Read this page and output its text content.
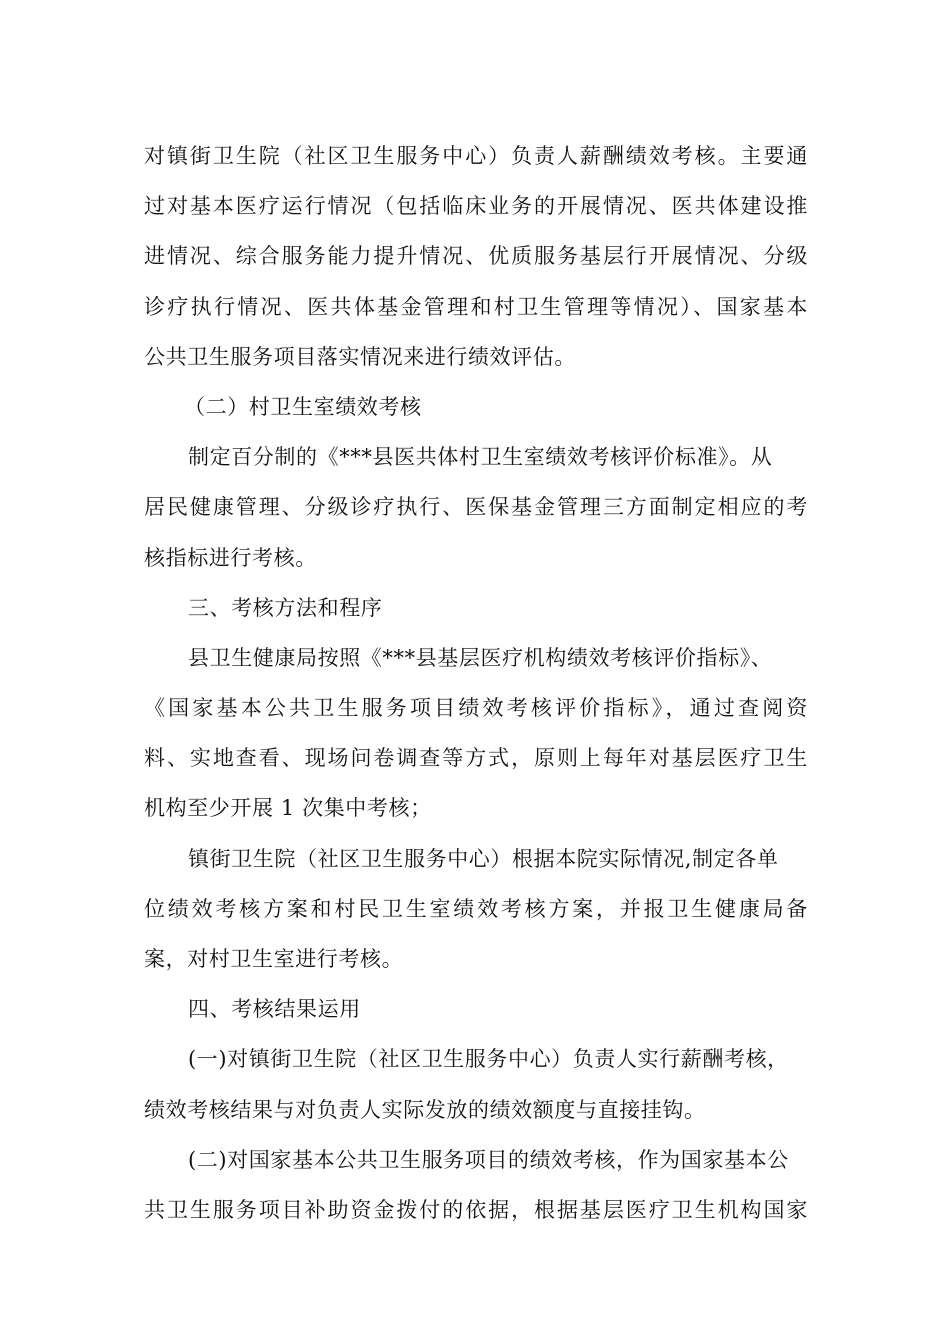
对镇街卫生院（社区卫生服务中心）负责人薪酬绩效考核。主要通
过对基本医疗运行情况（包括临床业务的开展情况、医共体建设推
进情况、综合服务能力提升情况、优质服务基层行开展情况、分级
诊疗执行情况、医共体基金管理和村卫生管理等情况）、国家基本
公共卫生服务项目落实情况来进行绩效评估。
（二）村卫生室绩效考核
制定百分制的《***县医共体村卫生室绩效考核评价标准》。从
居民健康管理、分级诊疗执行、医保基金管理三方面制定相应的考
核指标进行考核。
三、考核方法和程序
县卫生健康局按照《***县基层医疗机构绩效考核评价指标》、
《国家基本公共卫生服务项目绩效考核评价指标》，通过查阅资
料、实地查看、现场问卷调查等方式，原则上每年对基层医疗卫生
机构至少开展 1 次集中考核；
镇街卫生院（社区卫生服务中心）根据本院实际情况,制定各单
位绩效考核方案和村民卫生室绩效考核方案，并报卫生健康局备
案，对村卫生室进行考核。
四、考核结果运用
(一)对镇街卫生院（社区卫生服务中心）负责人实行薪酬考核，
绩效考核结果与对负责人实际发放的绩效额度与直接挂钩。
(二)对国家基本公共卫生服务项目的绩效考核，作为国家基本公
共卫生服务项目补助资金拨付的依据，根据基层医疗卫生机构国家
